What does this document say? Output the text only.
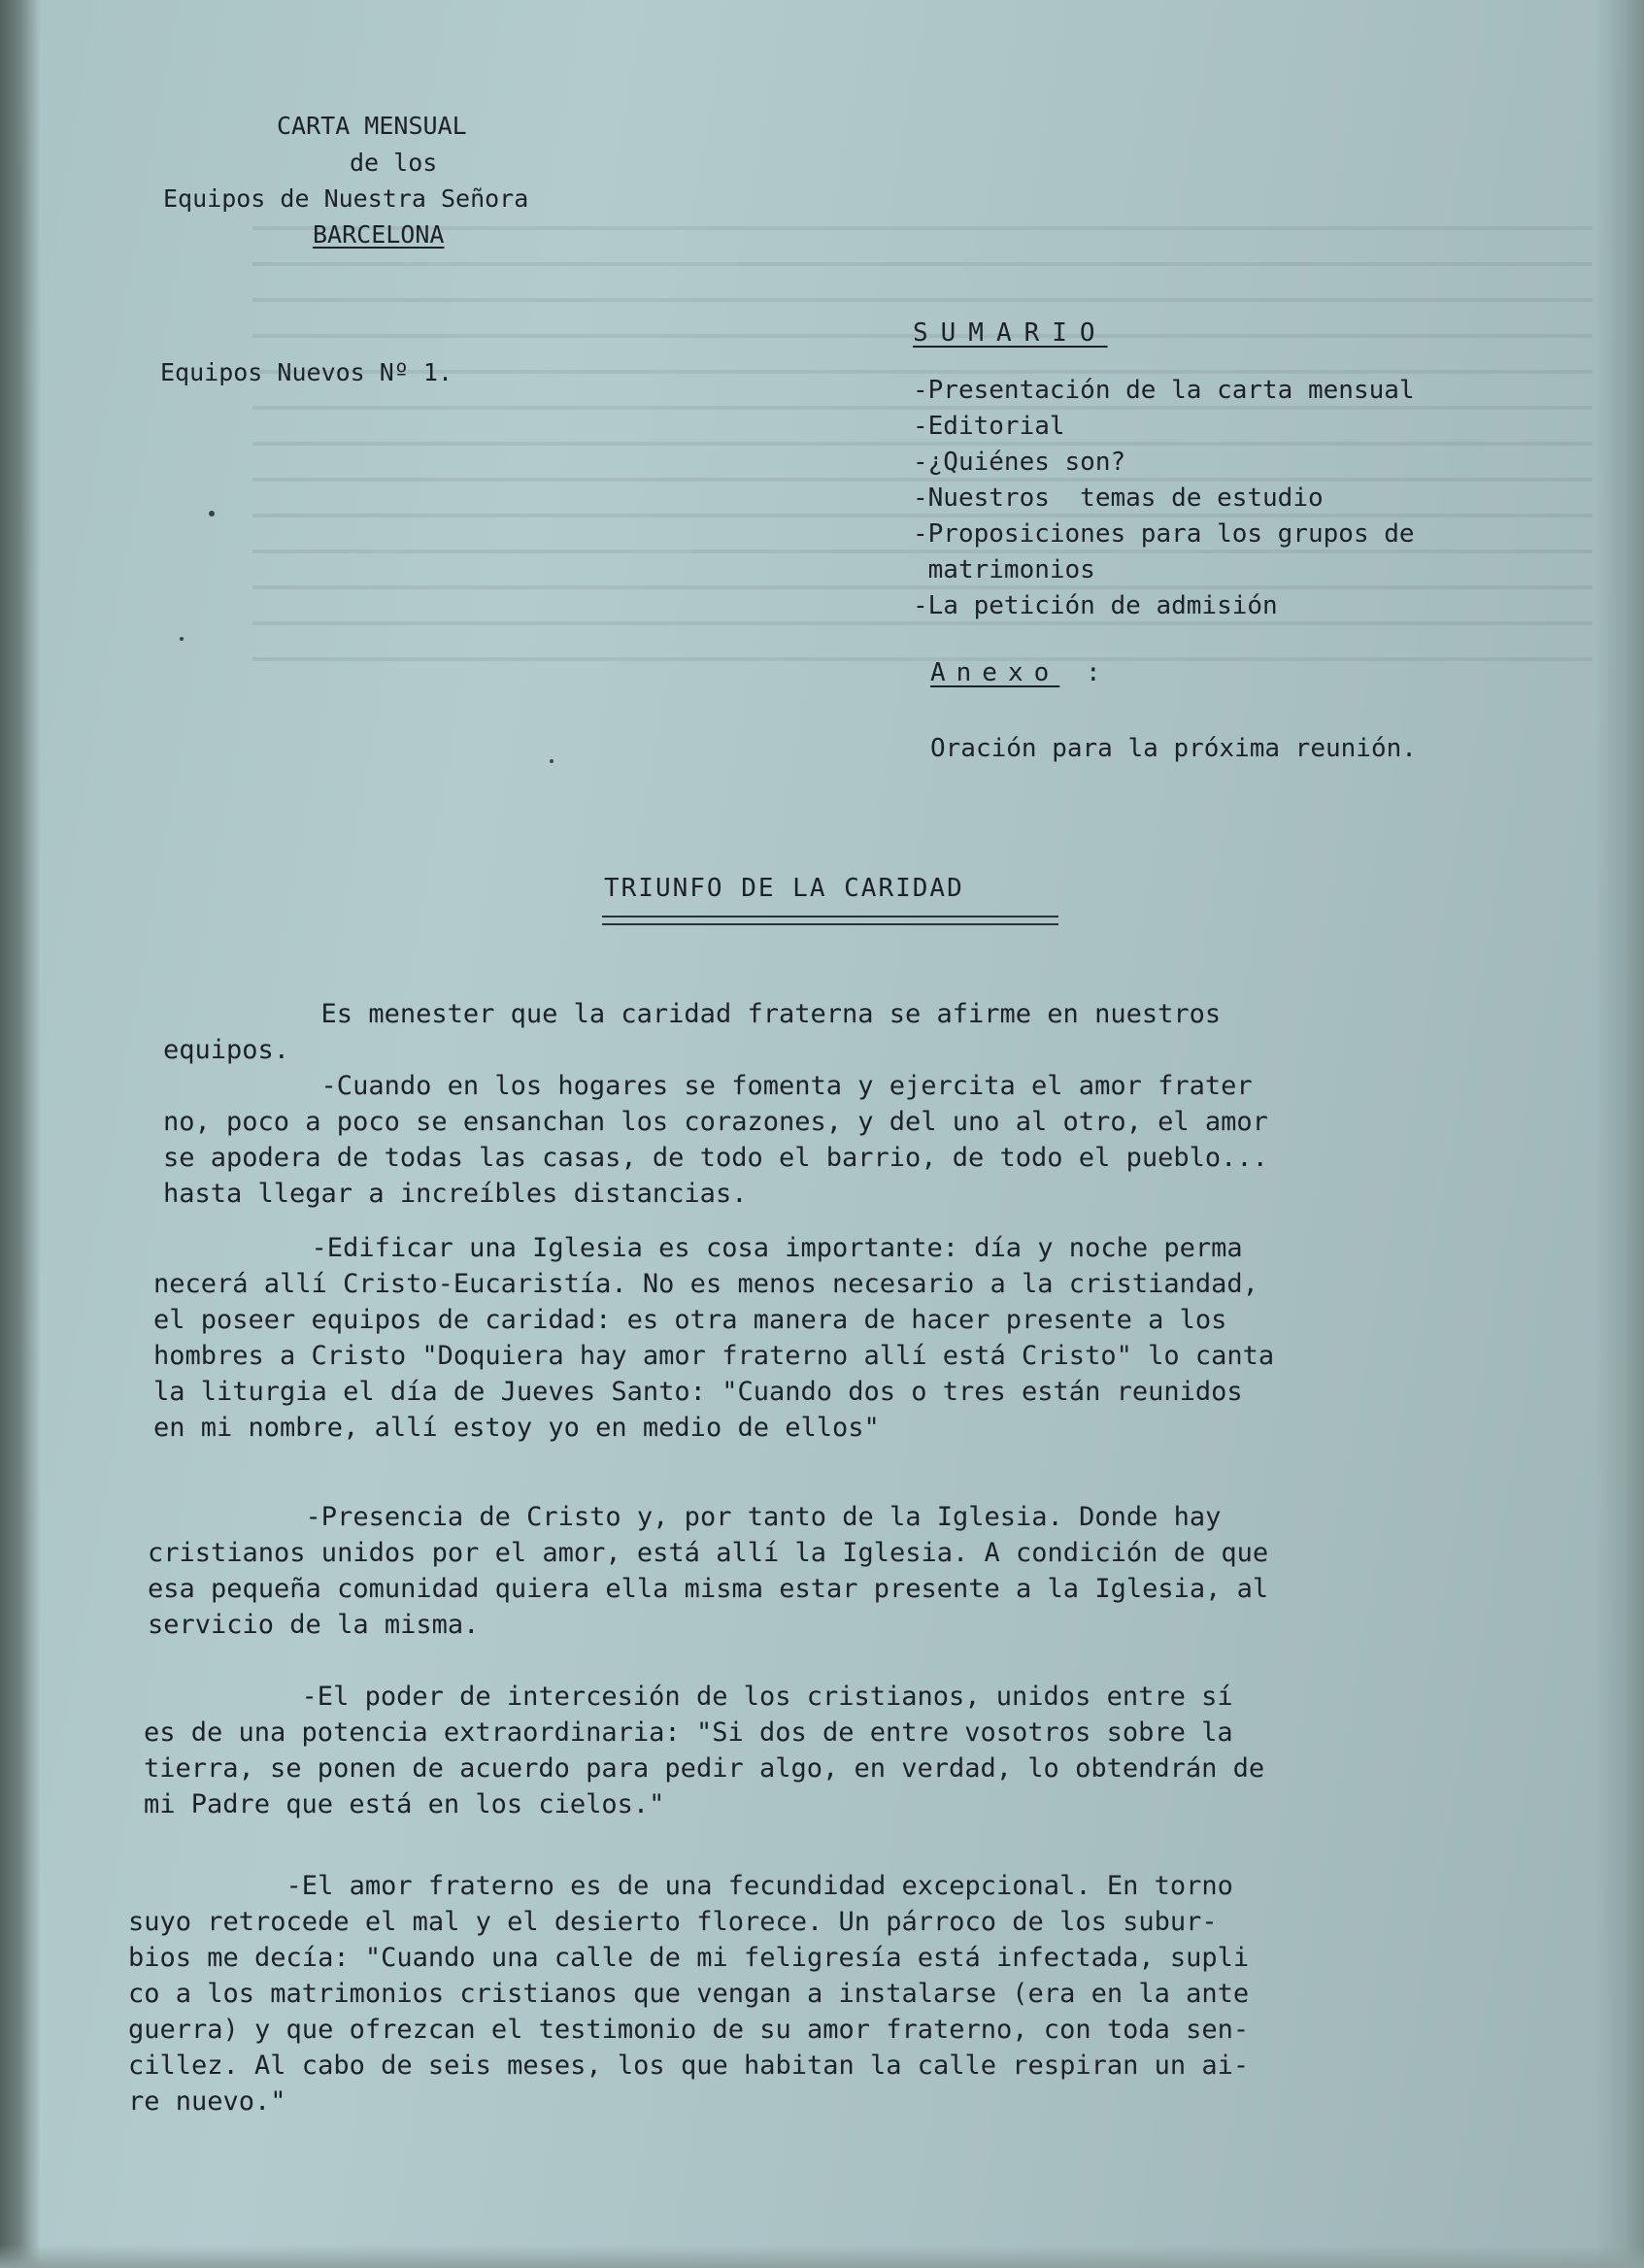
CARTA MENSUAL
de los
Equipos de Nuestra Señora
BARCELONA
Equipos Nuevos Nº 1.
SUMARIO
-Presentación de la carta mensual
-Editorial
-¿Quiénes son?
-Nuestros  temas de estudio
-Proposiciones para los grupos de
matrimonios
-La petición de admisión
Anexo :
Oración para la próxima reunión.
TRIUNFO DE LA CARIDAD
Es menester que la caridad fraterna se afirme en nuestros
equipos.
-Cuando en los hogares se fomenta y ejercita el amor frater
no, poco a poco se ensanchan los corazones, y del uno al otro, el amor
se apodera de todas las casas, de todo el barrio, de todo el pueblo...
hasta llegar a increíbles distancias.
-Edificar una Iglesia es cosa importante: día y noche perma
necerá allí Cristo-Eucaristía. No es menos necesario a la cristiandad,
el poseer equipos de caridad: es otra manera de hacer presente a los
hombres a Cristo "Doquiera hay amor fraterno allí está Cristo" lo canta
la liturgia el día de Jueves Santo: "Cuando dos o tres están reunidos
en mi nombre, allí estoy yo en medio de ellos"
-Presencia de Cristo y, por tanto de la Iglesia. Donde hay
cristianos unidos por el amor, está allí la Iglesia. A condición de que
esa pequeña comunidad quiera ella misma estar presente a la Iglesia, al
servicio de la misma.
-El poder de intercesión de los cristianos, unidos entre sí
es de una potencia extraordinaria: "Si dos de entre vosotros sobre la
tierra, se ponen de acuerdo para pedir algo, en verdad, lo obtendrán de
mi Padre que está en los cielos."
-El amor fraterno es de una fecundidad excepcional. En torno
suyo retrocede el mal y el desierto florece. Un párroco de los subur-
bios me decía: "Cuando una calle de mi feligresía está infectada, supli
co a los matrimonios cristianos que vengan a instalarse (era en la ante
guerra) y que ofrezcan el testimonio de su amor fraterno, con toda sen-
cillez. Al cabo de seis meses, los que habitan la calle respiran un ai-
re nuevo."
